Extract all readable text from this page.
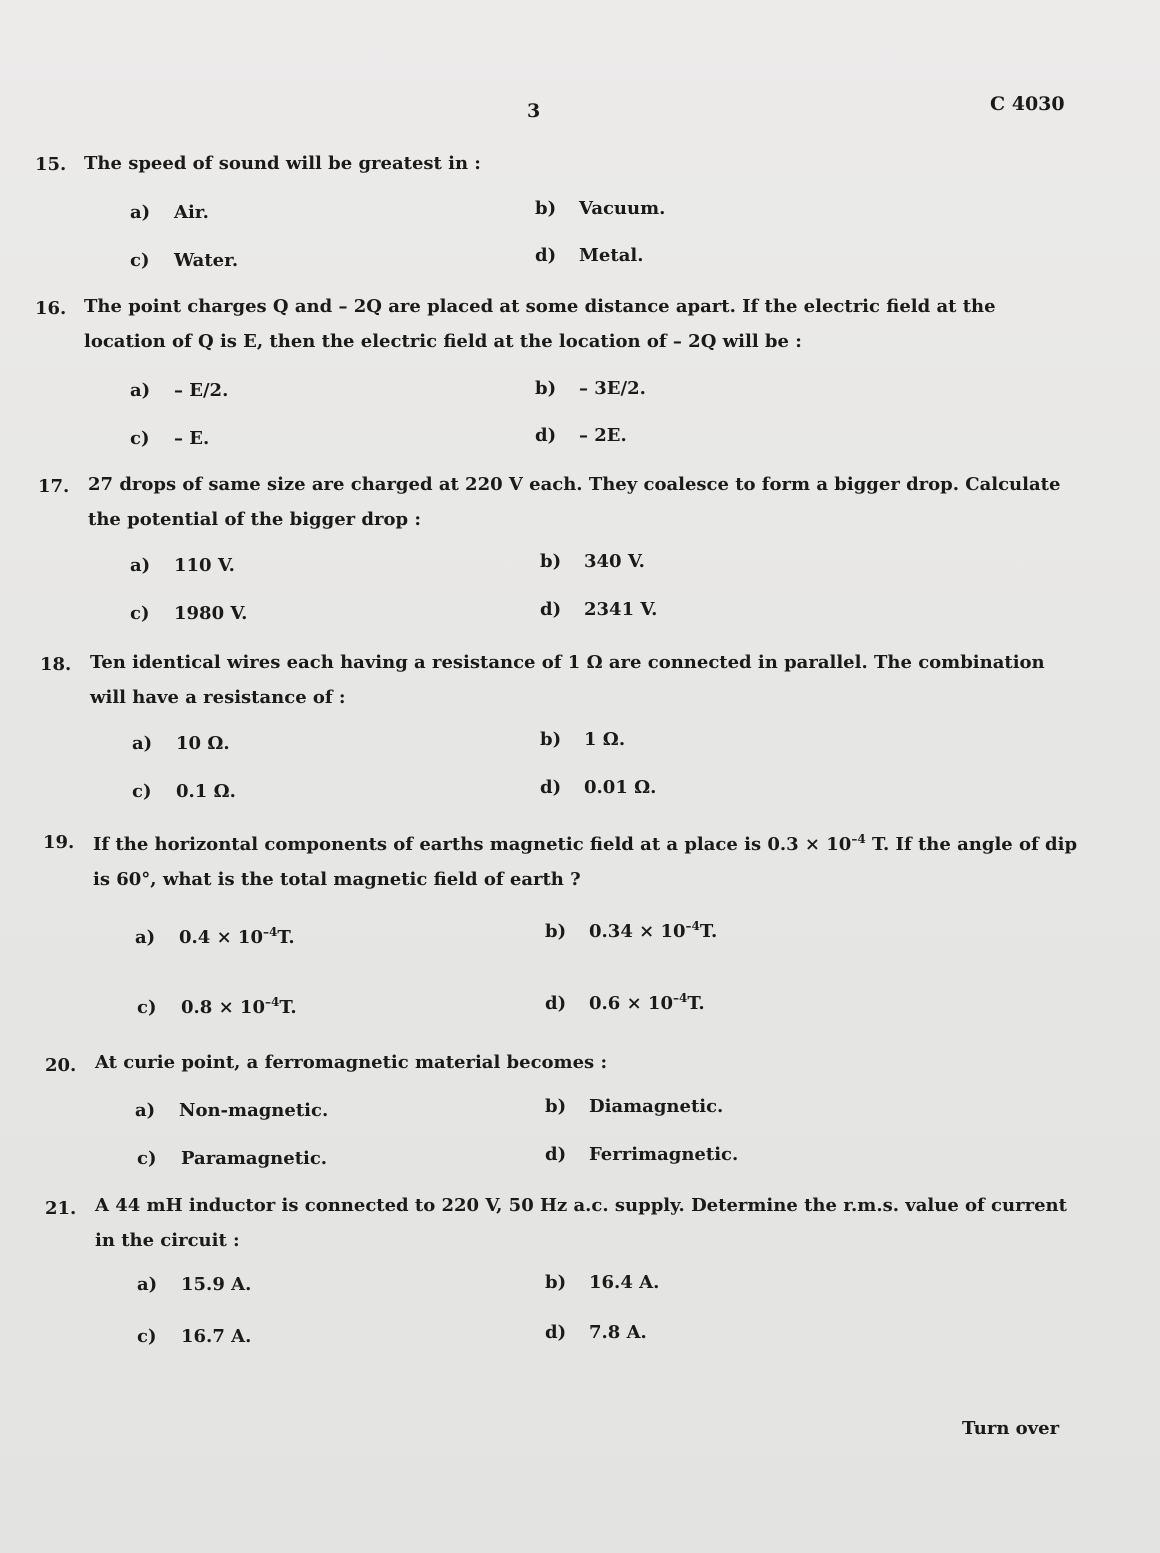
3	C 4030
15. The speed of sound will be greatest in :
a) Air.	b) Vacuum.
c) Water.	d) Metal.
16. The point charges Q and – 2Q are placed at some distance apart. If the electric field at the location of Q is E, then the electric field at the location of – 2Q will be :
a) – E/2.	b) – 3E/2.
c) – E.	d) – 2E.
17. 27 drops of same size are charged at 220 V each. They coalesce to form a bigger drop. Calculate the potential of the bigger drop :
a) 110 V.	b) 340 V.
c) 1980 V.	d) 2341 V.
18. Ten identical wires each having a resistance of 1 Ω are connected in parallel. The combination will have a resistance of :
a) 10 Ω.	b) 1 Ω.
c) 0.1 Ω.	d) 0.01 Ω.
19. If the horizontal components of earths magnetic field at a place is $0.3 \times 10^{-4}$ T. If the angle of dip is 60°, what is the total magnetic field of earth ?
a) $0.4 \times 10^{-4}T$.	b) $0.34 \times 10^{-4}T$.
c) $0.8 \times 10^{-4}T$.	d) $0.6 \times 10^{-4}T$.
20. At curie point, a ferromagnetic material becomes :
a) Non-magnetic.	b) Diamagnetic.
c) Paramagnetic.	d) Ferrimagnetic.
21. A 44 mH inductor is connected to 220 V, 50 Hz a.c. supply. Determine the r.m.s. value of current in the circuit :
a) 15.9 A.	b) 16.4 A.
c) 16.7 A.	d) 7.8 A.
Turn over
